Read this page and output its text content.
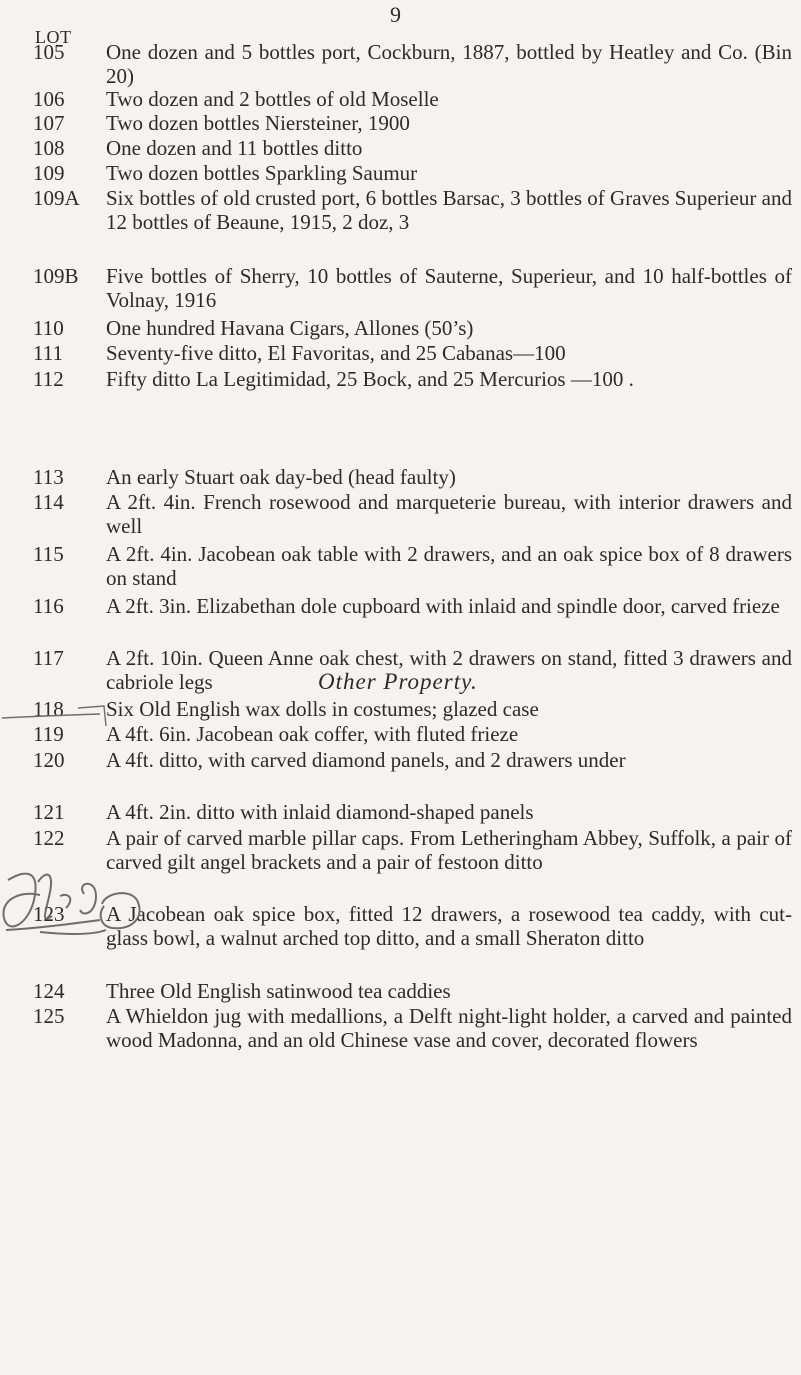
9
LOT
105	One dozen and 5 bottles port, Cockburn, 1887, bottled by Heatley and Co. (Bin 20)
106	Two dozen and 2 bottles of old Moselle
107	Two dozen bottles Niersteiner, 1900
108	One dozen and 11 bottles ditto
109	Two dozen bottles Sparkling Saumur
109A	Six bottles of old crusted port, 6 bottles Barsac, 3 bottles of Graves Superieur and 12 bottles of Beaune, 1915, 2 doz, 3
109B	Five bottles of Sherry, 10 bottles of Sauterne, Superieur, and 10 half-bottles of Volnay, 1916
110	One hundred Havana Cigars, Allones (50’s)
111	Seventy-five ditto, El Favoritas, and 25 Cabanas—100
112	Fifty ditto La Legitimidad, 25 Bock, and 25 Mercurios —100 .
Other Property.
113	An early Stuart oak day-bed (head faulty)
114	A 2ft. 4in. French rosewood and marqueterie bureau, with interior drawers and well
115	A 2ft. 4in. Jacobean oak table with 2 drawers, and an oak spice box of 8 drawers on stand
116	A 2ft. 3in. Elizabethan dole cupboard with inlaid and spindle door, carved frieze
117	A 2ft. 10in. Queen Anne oak chest, with 2 drawers on stand, fitted 3 drawers and cabriole legs
118	Six Old English wax dolls in costumes; glazed case
119	A 4ft. 6in. Jacobean oak coffer, with fluted frieze
120	A 4ft. ditto, with carved diamond panels, and 2 drawers under
121	A 4ft. 2in. ditto with inlaid diamond-shaped panels
122	A pair of carved marble pillar caps. From Letheringham Abbey, Suffolk, a pair of carved gilt angel brackets and a pair of festoon ditto
123	A Jacobean oak spice box, fitted 12 drawers, a rosewood tea caddy, with cut-glass bowl, a walnut arched top ditto, and a small Sheraton ditto
124	Three Old English satinwood tea caddies
125	A Whieldon jug with medallions, a Delft night-light holder, a carved and painted wood Madonna, and an old Chinese vase and cover, decorated flowers
